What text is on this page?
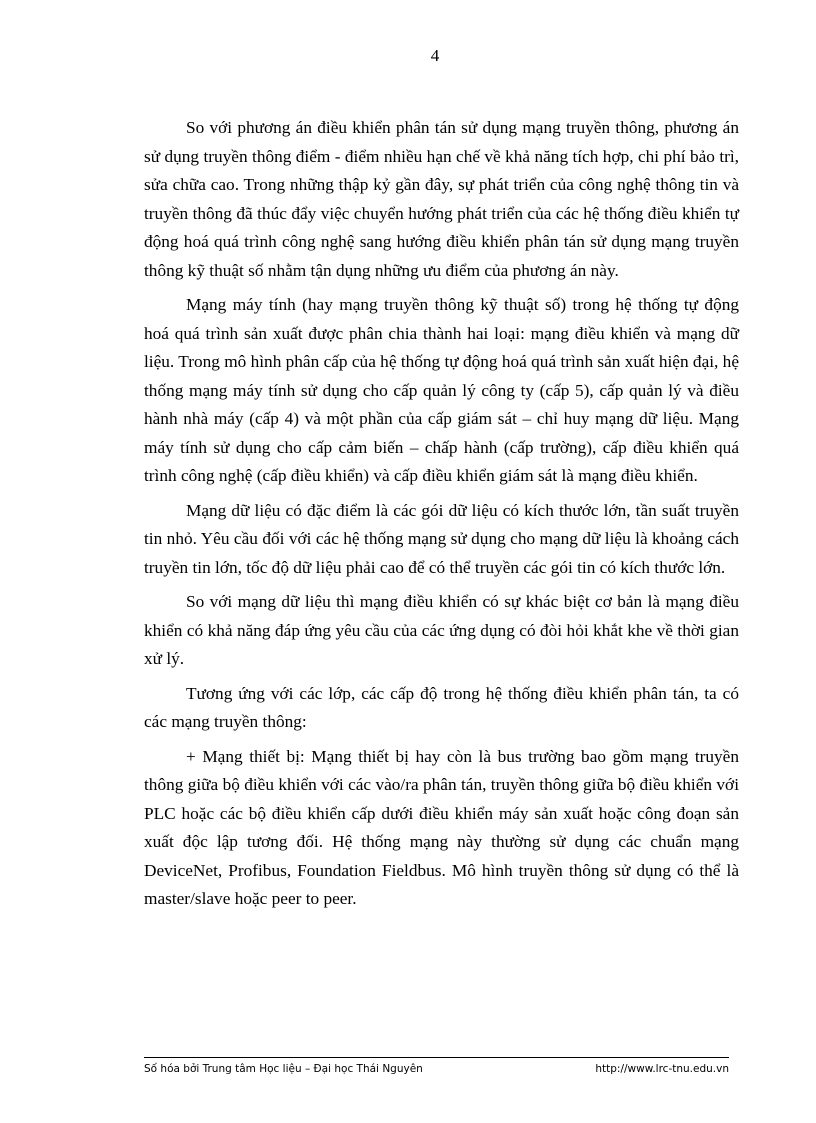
4

So với phương án điều khiển phân tán sử dụng mạng truyền thông, phương án sử dụng truyền thông điểm - điểm nhiều hạn chế về khả năng tích hợp, chi phí bảo trì, sửa chữa cao. Trong những thập kỷ gần đây, sự phát triển của công nghệ thông tin và truyền thông đã thúc đẩy việc chuyển hướng phát triển của các hệ thống điều khiển tự động hoá quá trình công nghệ sang hướng điều khiển phân tán sử dụng mạng truyền thông kỹ thuật số nhằm tận dụng những ưu điểm của phương án này.

Mạng máy tính (hay mạng truyền thông kỹ thuật số) trong hệ thống tự động hoá quá trình sản xuất được phân chia thành hai loại: mạng điều khiển và mạng dữ liệu. Trong mô hình phân cấp của hệ thống tự động hoá quá trình sản xuất hiện đại, hệ thống mạng máy tính sử dụng cho cấp quản lý công ty (cấp 5), cấp quản lý và điều hành nhà máy (cấp 4) và một phần của cấp giám sát – chỉ huy mạng dữ liệu. Mạng máy tính sử dụng cho cấp cảm biến – chấp hành (cấp trường), cấp điều khiển quá trình công nghệ (cấp điều khiển) và cấp điều khiển giám sát là mạng điều khiển.

Mạng dữ liệu có đặc điểm là các gói dữ liệu có kích thước lớn, tần suất truyền tin nhỏ. Yêu cầu đối với các hệ thống mạng sử dụng cho mạng dữ liệu là khoảng cách truyền tin lớn, tốc độ dữ liệu phải cao để có thể truyền các gói tin có kích thước lớn.

So với mạng dữ liệu thì mạng điều khiển có sự khác biệt cơ bản là mạng điều khiển có khả năng đáp ứng yêu cầu của các ứng dụng có đòi hỏi khắt khe về thời gian xử lý.

Tương ứng với các lớp, các cấp độ trong hệ thống điều khiển phân tán, ta có các mạng truyền thông:

+ Mạng thiết bị: Mạng thiết bị hay còn là bus trường bao gồm mạng truyền thông giữa bộ điều khiển với các vào/ra phân tán, truyền thông giữa bộ điều khiển với PLC hoặc các bộ điều khiển cấp dưới điều khiển máy sản xuất hoặc công đoạn sản xuất độc lập tương đối. Hệ thống mạng này thường sử dụng các chuẩn mạng DeviceNet, Profibus, Foundation Fieldbus. Mô hình truyền thông sử dụng có thể là master/slave hoặc peer to peer.

Số hóa bởi Trung tâm Học liệu – Đại học Thái Nguyên	http://www.lrc-tnu.edu.vn
